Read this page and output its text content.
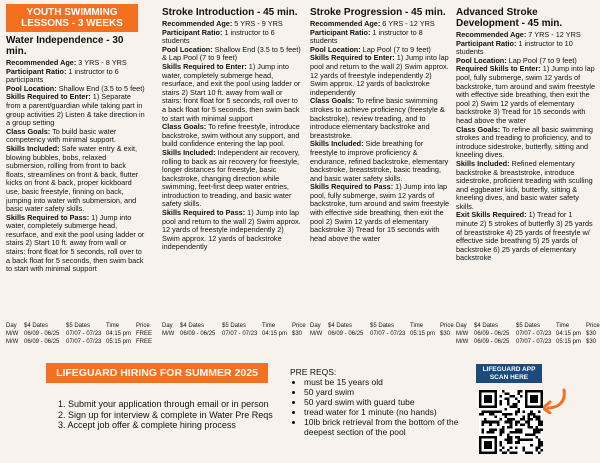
YOUTH SWIMMING
LESSONS - 3 WEEKS
Water Independence - 30 min.
Recommended Age: 3 YRS - 8 YRS
Participant Ratio: 1 instructor to 6 participants
Pool Location: Shallow End (3.5 to 5 feet)
Skills Required to Enter: 1) Separate from a parent/guardian while taking part in group activities 2) Listen & take direction in a group setting
Class Goals: To build basic water competency with minimal support.
Skills Included: Safe water entry & exit, blowing bubbles, bobs, relaxed submersion, rolling from front to back floats, streamlines on front & back, flutter kicks on front & back, proper kickboard use, basic freestyle, finning on back, jumping into water with submersion, and basic water safety skills.
Skills Required to Pass: 1) Jump into water, completely submerge head, resurface, and exit the pool using ladder or stairs 2) Start 10 ft. away from wall or stairs: front float for 5 seconds, roll over to a back float for 5 seconds, then swim back to start with minimal support
Stroke Introduction - 45 min.
Recommended Age: 5 YRS - 9 YRS
Participant Ratio: 1 instructor to 6 students
Pool Location: Shallow End (3.5 to 5 feet) & Lap Pool (7 to 9 feet)
Skills Required to Enter: 1) Jump into water, completely submerge head, resurface, and exit the pool using ladder or stairs 2) Start 10 ft. away from wall or stairs: front float for 5 seconds, roll over to a back float for 5 seconds, then swim back to start with minimal support
Class Goals: To refine freestyle, introduce backstroke, swim without any support, and build confidence entering the lap pool.
Skills Included: Independent air recovery, rolling to back as air recovery for freestyle, longer distances for freestyle, basic backstroke, changing direction while swimming, feet-first deep water entries, introduction to treading, and basic water safety skills.
Skills Required to Pass: 1) Jump into lap pool and return to the wall 2) Swim approx. 12 yards of freestyle independently 2) Swim approx. 12 yards of backstroke independently
Stroke Progression - 45 min.
Recommended Age: 6 YRS - 12 YRS
Participant Ratio: 1 instructor to 8 students
Pool Location: Lap Pool (7 to 9 feet)
Skills Required to Enter: 1) Jump into lap pool and return to the wall 2) Swim approx. 12 yards of freestyle independently 2) Swim approx. 12 yards of backstroke independently
Class Goals: To refine basic swimming strokes to achieve proficiency (freestyle & backstroke), review treading, and to introduce elementary backstroke and breaststroke.
Skills Included: Side breathing for freestyle to improve proficiency & endurance, refined backstroke, elementary backstroke, breaststroke, basic treading, and basic water safety skills.
Skills Required to Pass: 1) Jump into lap pool, fully submerge, swim 12 yards of backstroke, turn around and swim freestyle with effective side breathing, then exit the pool 2) Swim 12 yards of elementary backstroke 3) Tread for 15 seconds with head above the water
Advanced Stroke
Development - 45 min.
Recommended Age: 7 YRS - 12 YRS
Participant Ratio: 1 instructor to 10 students
Pool Location: Lap Pool (7 to 9 feet)
Required Skills to Enter: 1) Jump into lap pool, fully submerge, swim 12 yards of backstroke, turn around and swim freestyle with effective side breathing, then exit the pool 2) Swim 12 yards of elementary backstroke 3) Tread for 15 seconds with head above the water
Class Goals: To refine all basic swimming strokes and treading to proficiency, and to introduce sidestroke, butterfly, sitting and kneeling dives.
Skills Included: Refined elementary backstroke & breaststroke, introduce sidestroke, proficient treading with sculling and eggbeater kick, butterfly, sitting & kneeling dives, and basic water safety skills.
Exit Skills Required: 1) Tread for 1 minute 2) 5 strokes of butterfly 3) 25 yards of breaststroke 4) 25 yards of freestyle w/ effective side breathing 5) 25 yards of backstroke 6) 25 yards of elementary backstroke
Day	$4 Dates	$5 Dates	Time	Price
M/W 06/09 - 06/25	07/07 - 07/23 04:15 pm FREE
M/W 06/09 - 06/25	07/07 - 07/23 05:15 pm FREE
Day	$4 Dates	$5 Dates	Time	Price
M/W 06/09 - 06/25	07/07 - 07/23 04:15 pm $30
Day	$4 Dates	$5 Dates	Time	Price
M/W 06/09 - 06/25	07/07 - 07/23 05:15 pm $30
Day	$4 Dates	$5 Dates	Time	Price
M/W 06/09 - 06/25	07/07 - 07/23 04:15 pm $30
M/W 06/09 - 06/25	07/07 - 07/23 05:15 pm $30
LIFEGUARD HIRING FOR SUMMER 2025
1. Submit your application through email or in person
2. Sign up for interview & complete in Water Pre Reqs
3. Accept job offer & complete hiring process
PRE REQS:
• must be 15 years old
• 50 yard swim
• 50 yard swim with guard tube
• tread water for 1 minute (no hands)
• 10lb brick retrieval from the bottom of the deepest section of the pool
LIFEGUARD APP
SCAN HERE
